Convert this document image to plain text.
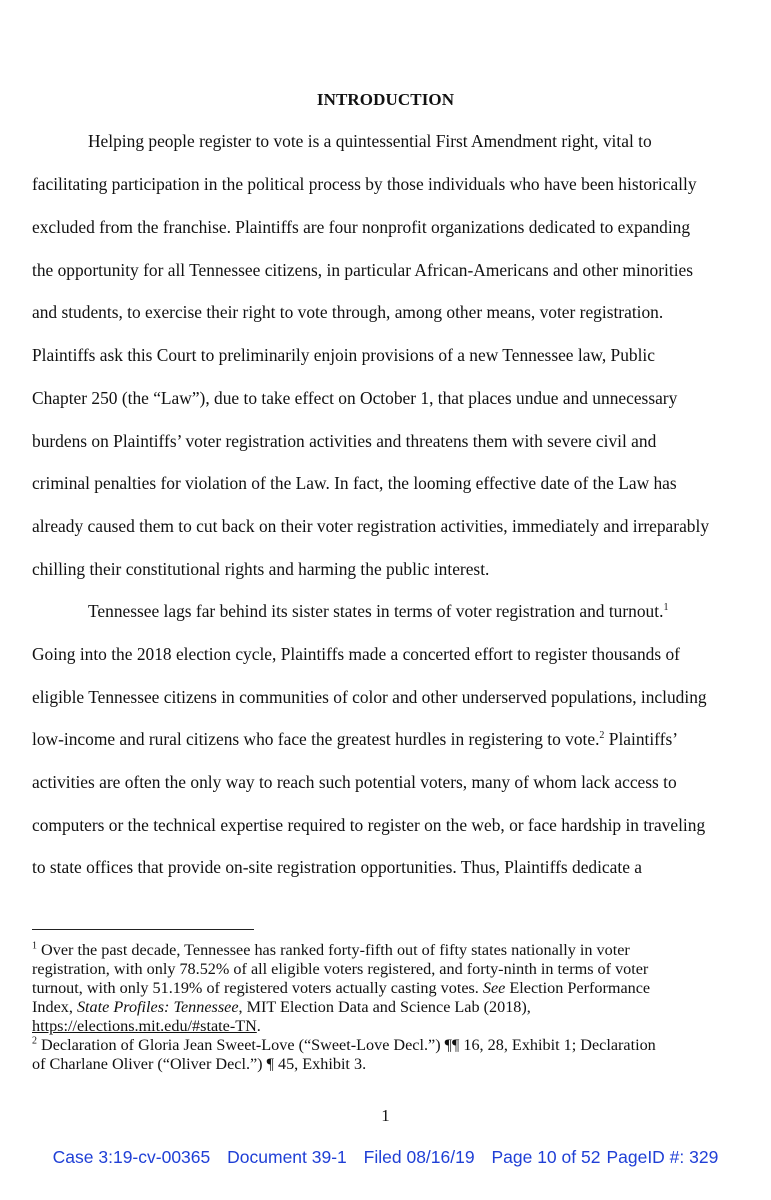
INTRODUCTION
Helping people register to vote is a quintessential First Amendment right, vital to
facilitating participation in the political process by those individuals who have been historically
excluded from the franchise. Plaintiffs are four nonprofit organizations dedicated to expanding
the opportunity for all Tennessee citizens, in particular African-Americans and other minorities
and students, to exercise their right to vote through, among other means, voter registration.
Plaintiffs ask this Court to preliminarily enjoin provisions of a new Tennessee law, Public
Chapter 250 (the “Law”), due to take effect on October 1, that places undue and unnecessary
burdens on Plaintiffs’ voter registration activities and threatens them with severe civil and
criminal penalties for violation of the Law. In fact, the looming effective date of the Law has
already caused them to cut back on their voter registration activities, immediately and irreparably
chilling their constitutional rights and harming the public interest.
Tennessee lags far behind its sister states in terms of voter registration and turnout.$^1$
Going into the 2018 election cycle, Plaintiffs made a concerted effort to register thousands of
eligible Tennessee citizens in communities of color and other underserved populations, including
low-income and rural citizens who face the greatest hurdles in registering to vote.$^2$ Plaintiffs’
activities are often the only way to reach such potential voters, many of whom lack access to
computers or the technical expertise required to register on the web, or face hardship in traveling
to state offices that provide on-site registration opportunities. Thus, Plaintiffs dedicate a
$^1$ Over the past decade, Tennessee has ranked forty-fifth out of fifty states nationally in voter
registration, with only 78.52% of all eligible voters registered, and forty-ninth in terms of voter
turnout, with only 51.19% of registered voters actually casting votes. See Election Performance
Index, State Profiles: Tennessee, MIT Election Data and Science Lab (2018),
https://elections.mit.edu/#state-TN.
$^2$ Declaration of Gloria Jean Sweet-Love (“Sweet-Love Decl.”) ¶¶ 16, 28, Exhibit 1; Declaration
of Charlane Oliver (“Oliver Decl.”) ¶ 45, Exhibit 3.
1
Case 3:19-cv-00365 Document 39-1 Filed 08/16/19 Page 10 of 52 PageID #: 329
